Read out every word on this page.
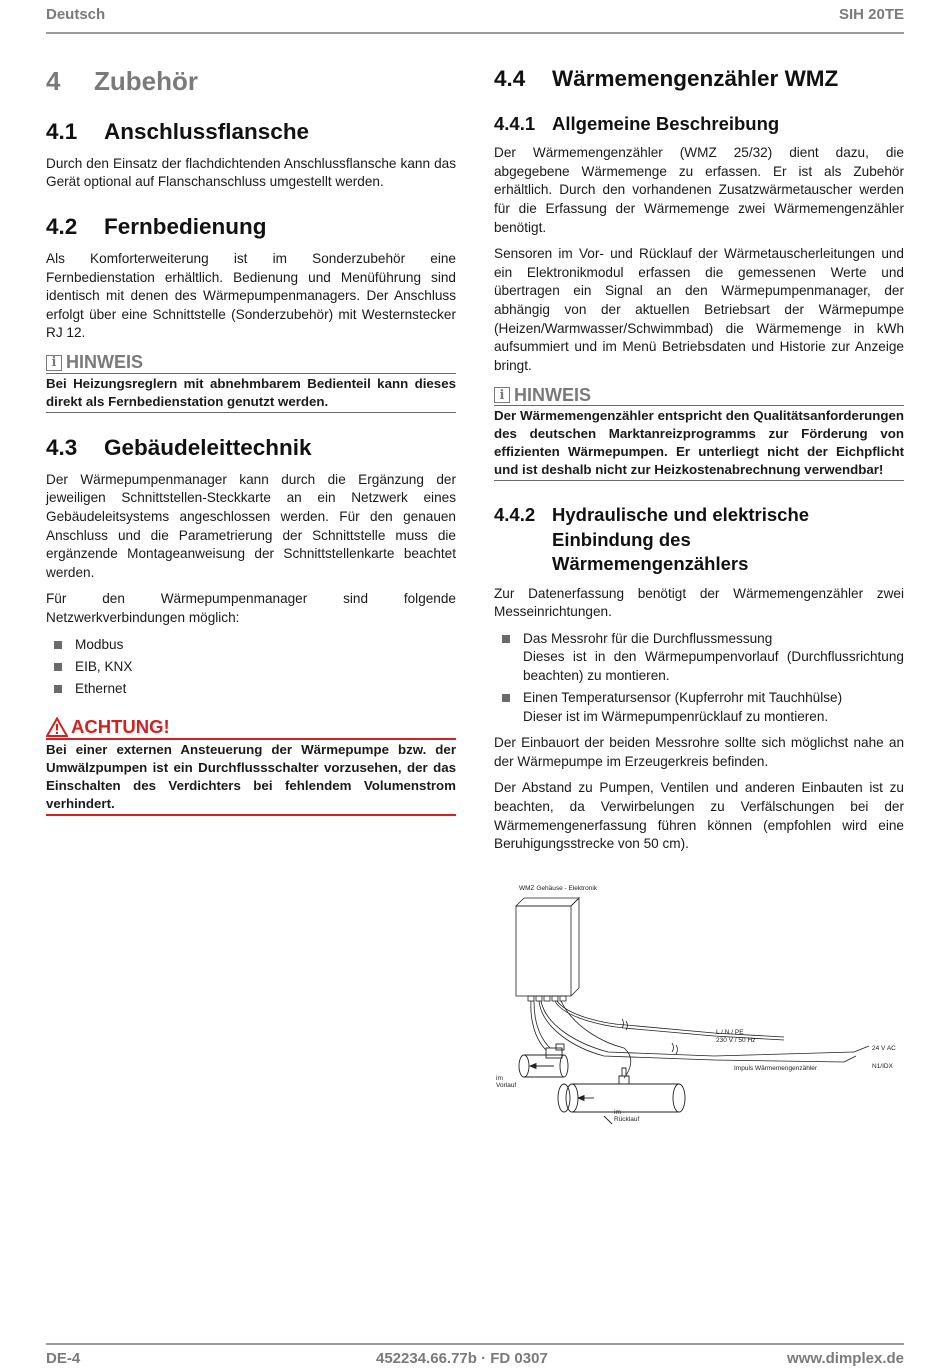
Deutsch	SIH 20TE
4	Zubehör
4.1	Anschlussflansche

Durch den Einsatz der flachdichtenden Anschlussflansche kann das Gerät optional auf Flanschanschluss umgestellt werden.

4.2	Fernbedienung

Als Komforterweiterung ist im Sonderzubehör eine Fernbedienstation erhältlich. Bedienung und Menüführung sind identisch mit denen des Wärmepumpenmanagers. Der Anschluss erfolgt über eine Schnittstelle (Sonderzubehör) mit Westernstecker RJ 12.

i HINWEIS
Bei Heizungsreglern mit abnehmbarem Bedienteil kann dieses direkt als Fernbedienstation genutzt werden.
4.3	Gebäudeleittechnik

Der Wärmepumpenmanager kann durch die Ergänzung der jeweiligen Schnittstellen-Steckkarte an ein Netzwerk eines Gebäudeleitsystems angeschlossen werden. Für den genauen Anschluss und die Parametrierung der Schnittstelle muss die ergänzende Montageanweisung der Schnittstellenkarte beachtet werden.

Für den Wärmepumpenmanager sind folgende Netzwerkverbindungen möglich:

Modbus
EIB, KNX
Ethernet
ACHTUNG!
Bei einer externen Ansteuerung der Wärmepumpe bzw. der Umwälzpumpen ist ein Durchflussschalter vorzusehen, der das Einschalten des Verdichters bei fehlendem Volumenstrom verhindert.
4.4	Wärmemengenzähler WMZ
4.4.1 Allgemeine Beschreibung

Der Wärmemengenzähler (WMZ 25/32) dient dazu, die abgegebene Wärmemenge zu erfassen. Er ist als Zubehör erhältlich. Durch den vorhandenen Zusatzwärmetauscher werden für die Erfassung der Wärmemenge zwei Wärmemengenzähler benötigt.

Sensoren im Vor- und Rücklauf der Wärmetauscherleitungen und ein Elektronikmodul erfassen die gemessenen Werte und übertragen ein Signal an den Wärmepumpenmanager, der abhängig von der aktuellen Betriebsart der Wärmepumpe (Heizen/Warmwasser/Schwimmbad) die Wärmemenge in kWh aufsummiert und im Menü Betriebsdaten und Historie zur Anzeige bringt.

i HINWEIS
Der Wärmemengenzähler entspricht den Qualitätsanforderungen des deutschen Marktanreizprogramms zur Förderung von effizienten Wärmepumpen. Er unterliegt nicht der Eichpflicht und ist deshalb nicht zur Heizkostenabrechnung verwendbar!
4.4.2 Hydraulische und elektrische
Einbindung des
Wärmemengenzählers

Zur Datenerfassung benötigt der Wärmemengenzähler zwei Messeinrichtungen.

Das Messrohr für die Durchflussmessung
Dieses ist in den Wärmepumpenvorlauf (Durchflussrichtung beachten) zu montieren.
Einen Temperatursensor (Kupferrohr mit Tauchhülse)
Dieser ist im Wärmepumpenrücklauf zu montieren.

Der Einbauort der beiden Messrohre sollte sich möglichst nahe an der Wärmepumpe im Erzeugerkreis befinden.

Der Abstand zu Pumpen, Ventilen und anderen Einbauten ist zu beachten, da Verwirbelungen zu Verfälschungen bei der Wärmemengenerfassung führen können (empfohlen wird eine Beruhigungsstrecke von 50 cm).

WMZ Gehäuse - Elektronik
L / N / PE
230 V / 50 Hz
24 V AC
N1/IDX
Impuls Wärmemengenzähler
im
Vorlauf
im
Rücklauf
DE-4	452234.66.77b · FD 0307	www.dimplex.de
